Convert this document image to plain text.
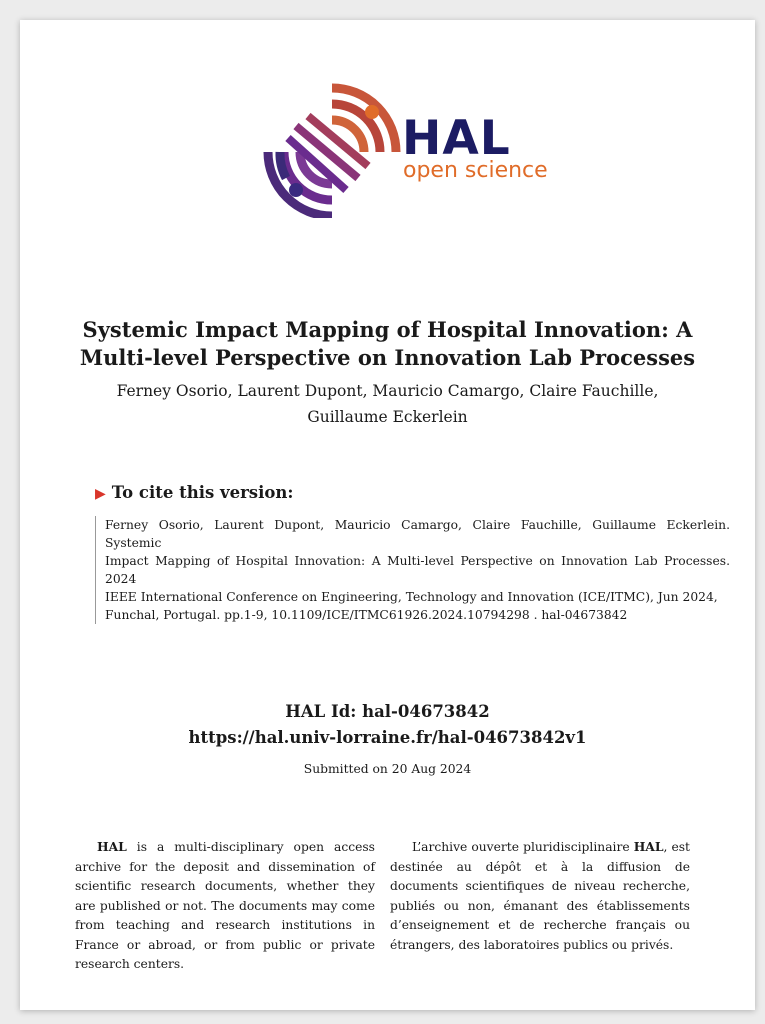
HAL
open science
Systemic Impact Mapping of Hospital Innovation: A
Multi-level Perspective on Innovation Lab Processes
Ferney Osorio, Laurent Dupont, Mauricio Camargo, Claire Fauchille,
Guillaume Eckerlein
▶ To cite this version:
Ferney Osorio, Laurent Dupont, Mauricio Camargo, Claire Fauchille, Guillaume Eckerlein. Systemic
Impact Mapping of Hospital Innovation: A Multi-level Perspective on Innovation Lab Processes. 2024
IEEE International Conference on Engineering, Technology and Innovation (ICE/ITMC), Jun 2024,
Funchal, Portugal. pp.1-9, 10.1109/ICE/ITMC61926.2024.10794298 . hal-04673842
HAL Id: hal-04673842
https://hal.univ-lorraine.fr/hal-04673842v1
Submitted on 20 Aug 2024
HAL is a multi-disciplinary open access archive for the deposit and dissemination of scientific research documents, whether they are published or not. The documents may come from teaching and research institutions in France or abroad, or from public or private research centers.
L’archive ouverte pluridisciplinaire HAL, est destinée au dépôt et à la diffusion de documents scientifiques de niveau recherche, publiés ou non, émanant des établissements d’enseignement et de recherche français ou étrangers, des laboratoires publics ou privés.
